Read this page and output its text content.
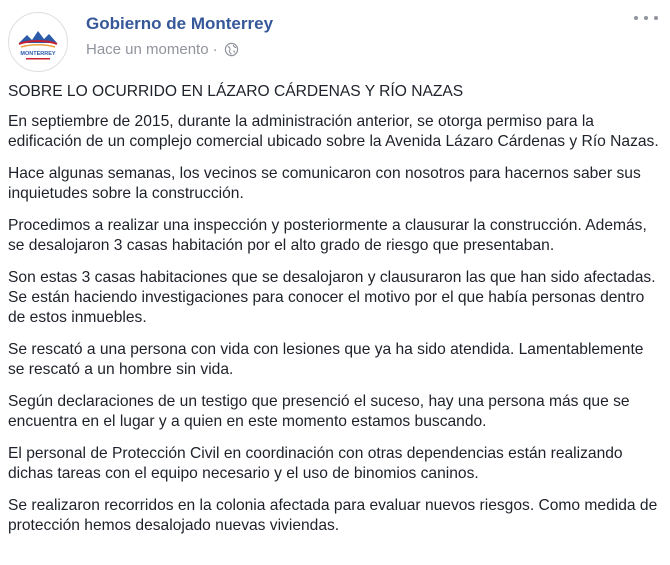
MONTERREY
Gobierno de Monterrey
Hace un momento ·

SOBRE LO OCURRIDO EN LÁZARO CÁRDENAS Y RÍO NAZAS

En septiembre de 2015, durante la administración anterior, se otorga permiso para la edificación de un complejo comercial ubicado sobre la Avenida Lázaro Cárdenas y Río Nazas.

Hace algunas semanas, los vecinos se comunicaron con nosotros para hacernos saber sus inquietudes sobre la construcción.

Procedimos a realizar una inspección y posteriormente a clausurar la construcción. Además, se desalojaron 3 casas habitación por el alto grado de riesgo que presentaban.

Son estas 3 casas habitaciones que se desalojaron y clausuraron las que han sido afectadas. Se están haciendo investigaciones para conocer el motivo por el que había personas dentro de estos inmuebles.

Se rescató a una persona con vida con lesiones que ya ha sido atendida. Lamentablemente se rescató a un hombre sin vida.

Según declaraciones de un testigo que presenció el suceso, hay una persona más que se encuentra en el lugar y a quien en este momento estamos buscando.

El personal de Protección Civil en coordinación con otras dependencias están realizando dichas tareas con el equipo necesario y el uso de binomios caninos.

Se realizaron recorridos en la colonia afectada para evaluar nuevos riesgos. Como medida de protección hemos desalojado nuevas viviendas.
